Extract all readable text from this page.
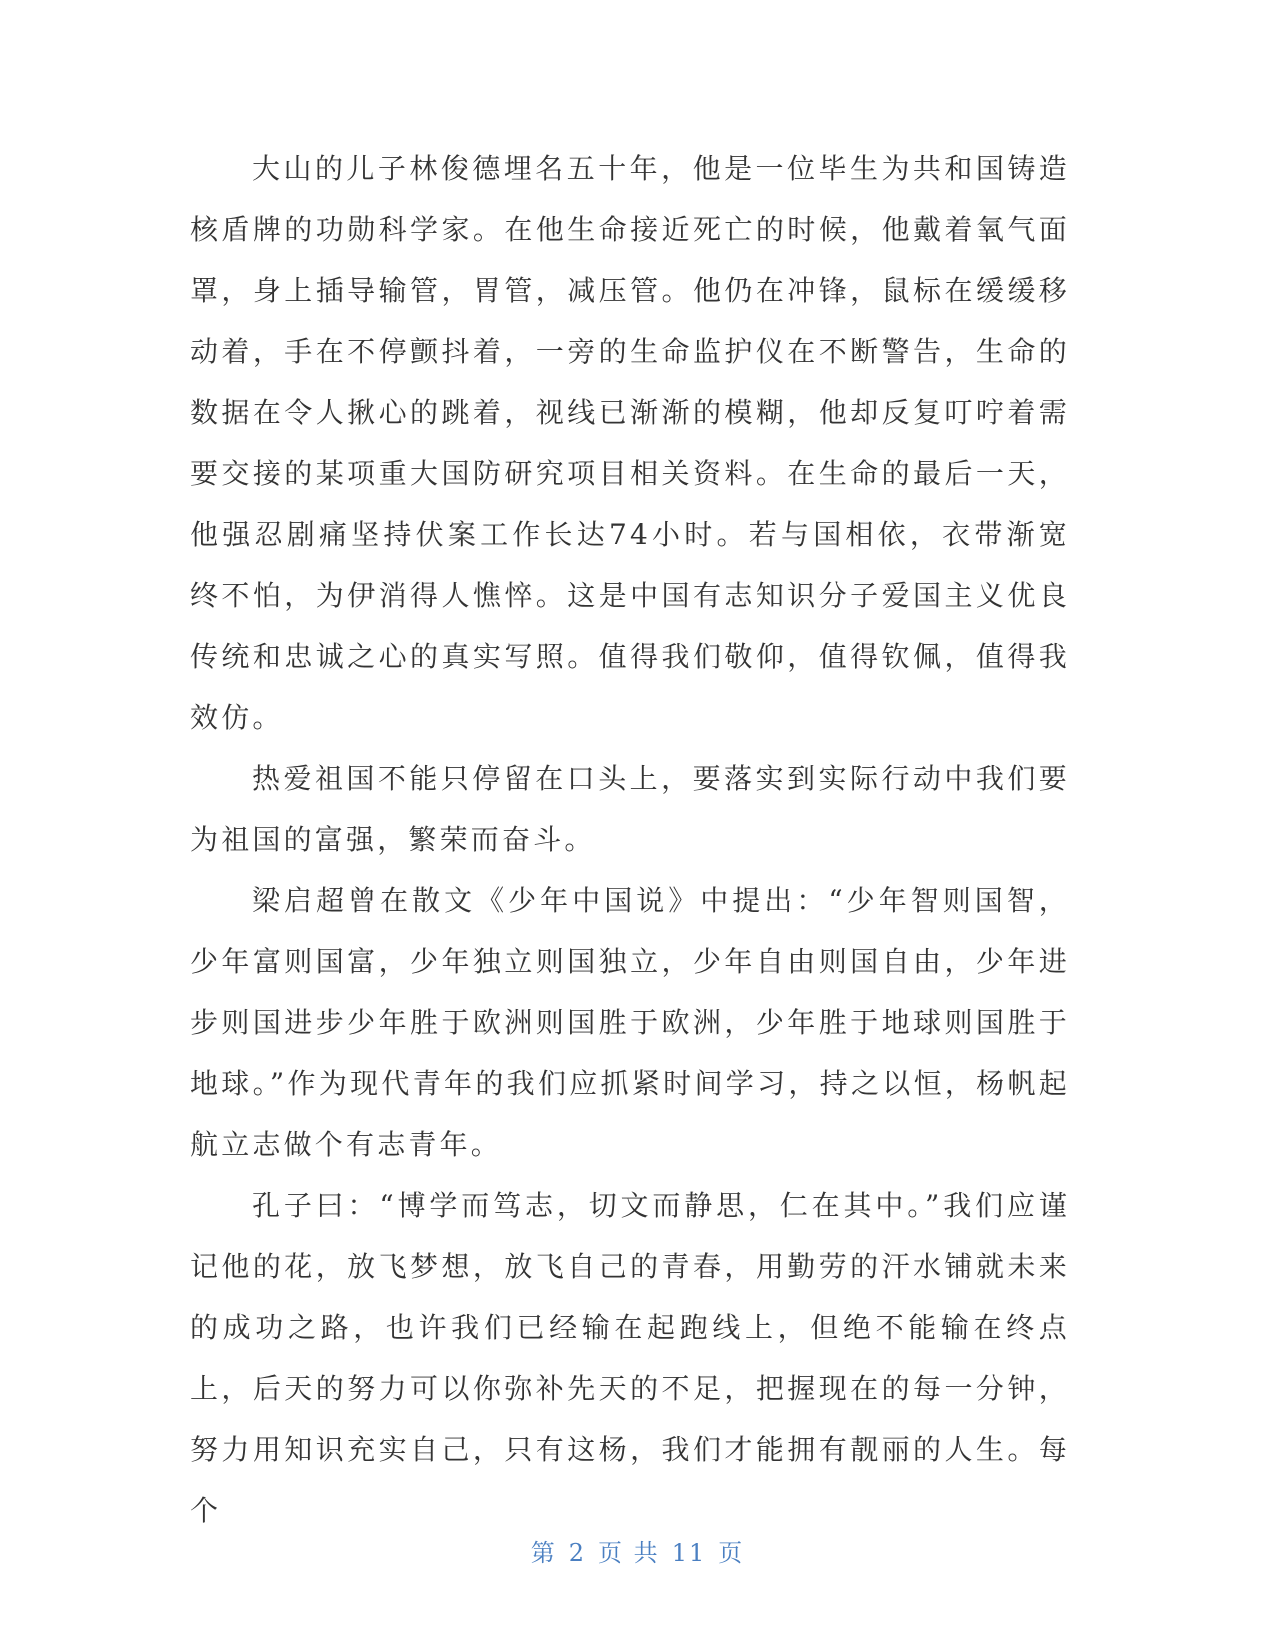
大山的儿子林俊德埋名五十年，他是一位毕生为共和国铸造核盾牌的功勋科学家。在他生命接近死亡的时候，他戴着氧气面罩，身上插导输管，胃管，减压管。他仍在冲锋，鼠标在缓缓移动着，手在不停颤抖着，一旁的生命监护仪在不断警告，生命的数据在令人揪心的跳着，视线已渐渐的模糊，他却反复叮咛着需要交接的某项重大国防研究项目相关资料。在生命的最后一天，他强忍剧痛坚持伏案工作长达74小时。若与国相依，衣带渐宽终不怕，为伊消得人憔悴。这是中国有志知识分子爱国主义优良传统和忠诚之心的真实写照。值得我们敬仰，值得钦佩，值得我效仿。

热爱祖国不能只停留在口头上，要落实到实际行动中我们要为祖国的富强，繁荣而奋斗。

梁启超曾在散文《少年中国说》中提出：“少年智则国智，少年富则国富，少年独立则国独立，少年自由则国自由，少年进步则国进步少年胜于欧洲则国胜于欧洲，少年胜于地球则国胜于地球。”作为现代青年的我们应抓紧时间学习，持之以恒，杨帆起航立志做个有志青年。

孔子曰：“博学而笃志，切文而静思，仁在其中。”我们应谨记他的花，放飞梦想，放飞自己的青春，用勤劳的汗水铺就未来的成功之路，也许我们已经输在起跑线上，但绝不能输在终点上，后天的努力可以你弥补先天的不足，把握现在的每一分钟，努力用知识充实自己，只有这杨，我们才能拥有靓丽的人生。每个

第 2 页 共 11 页
